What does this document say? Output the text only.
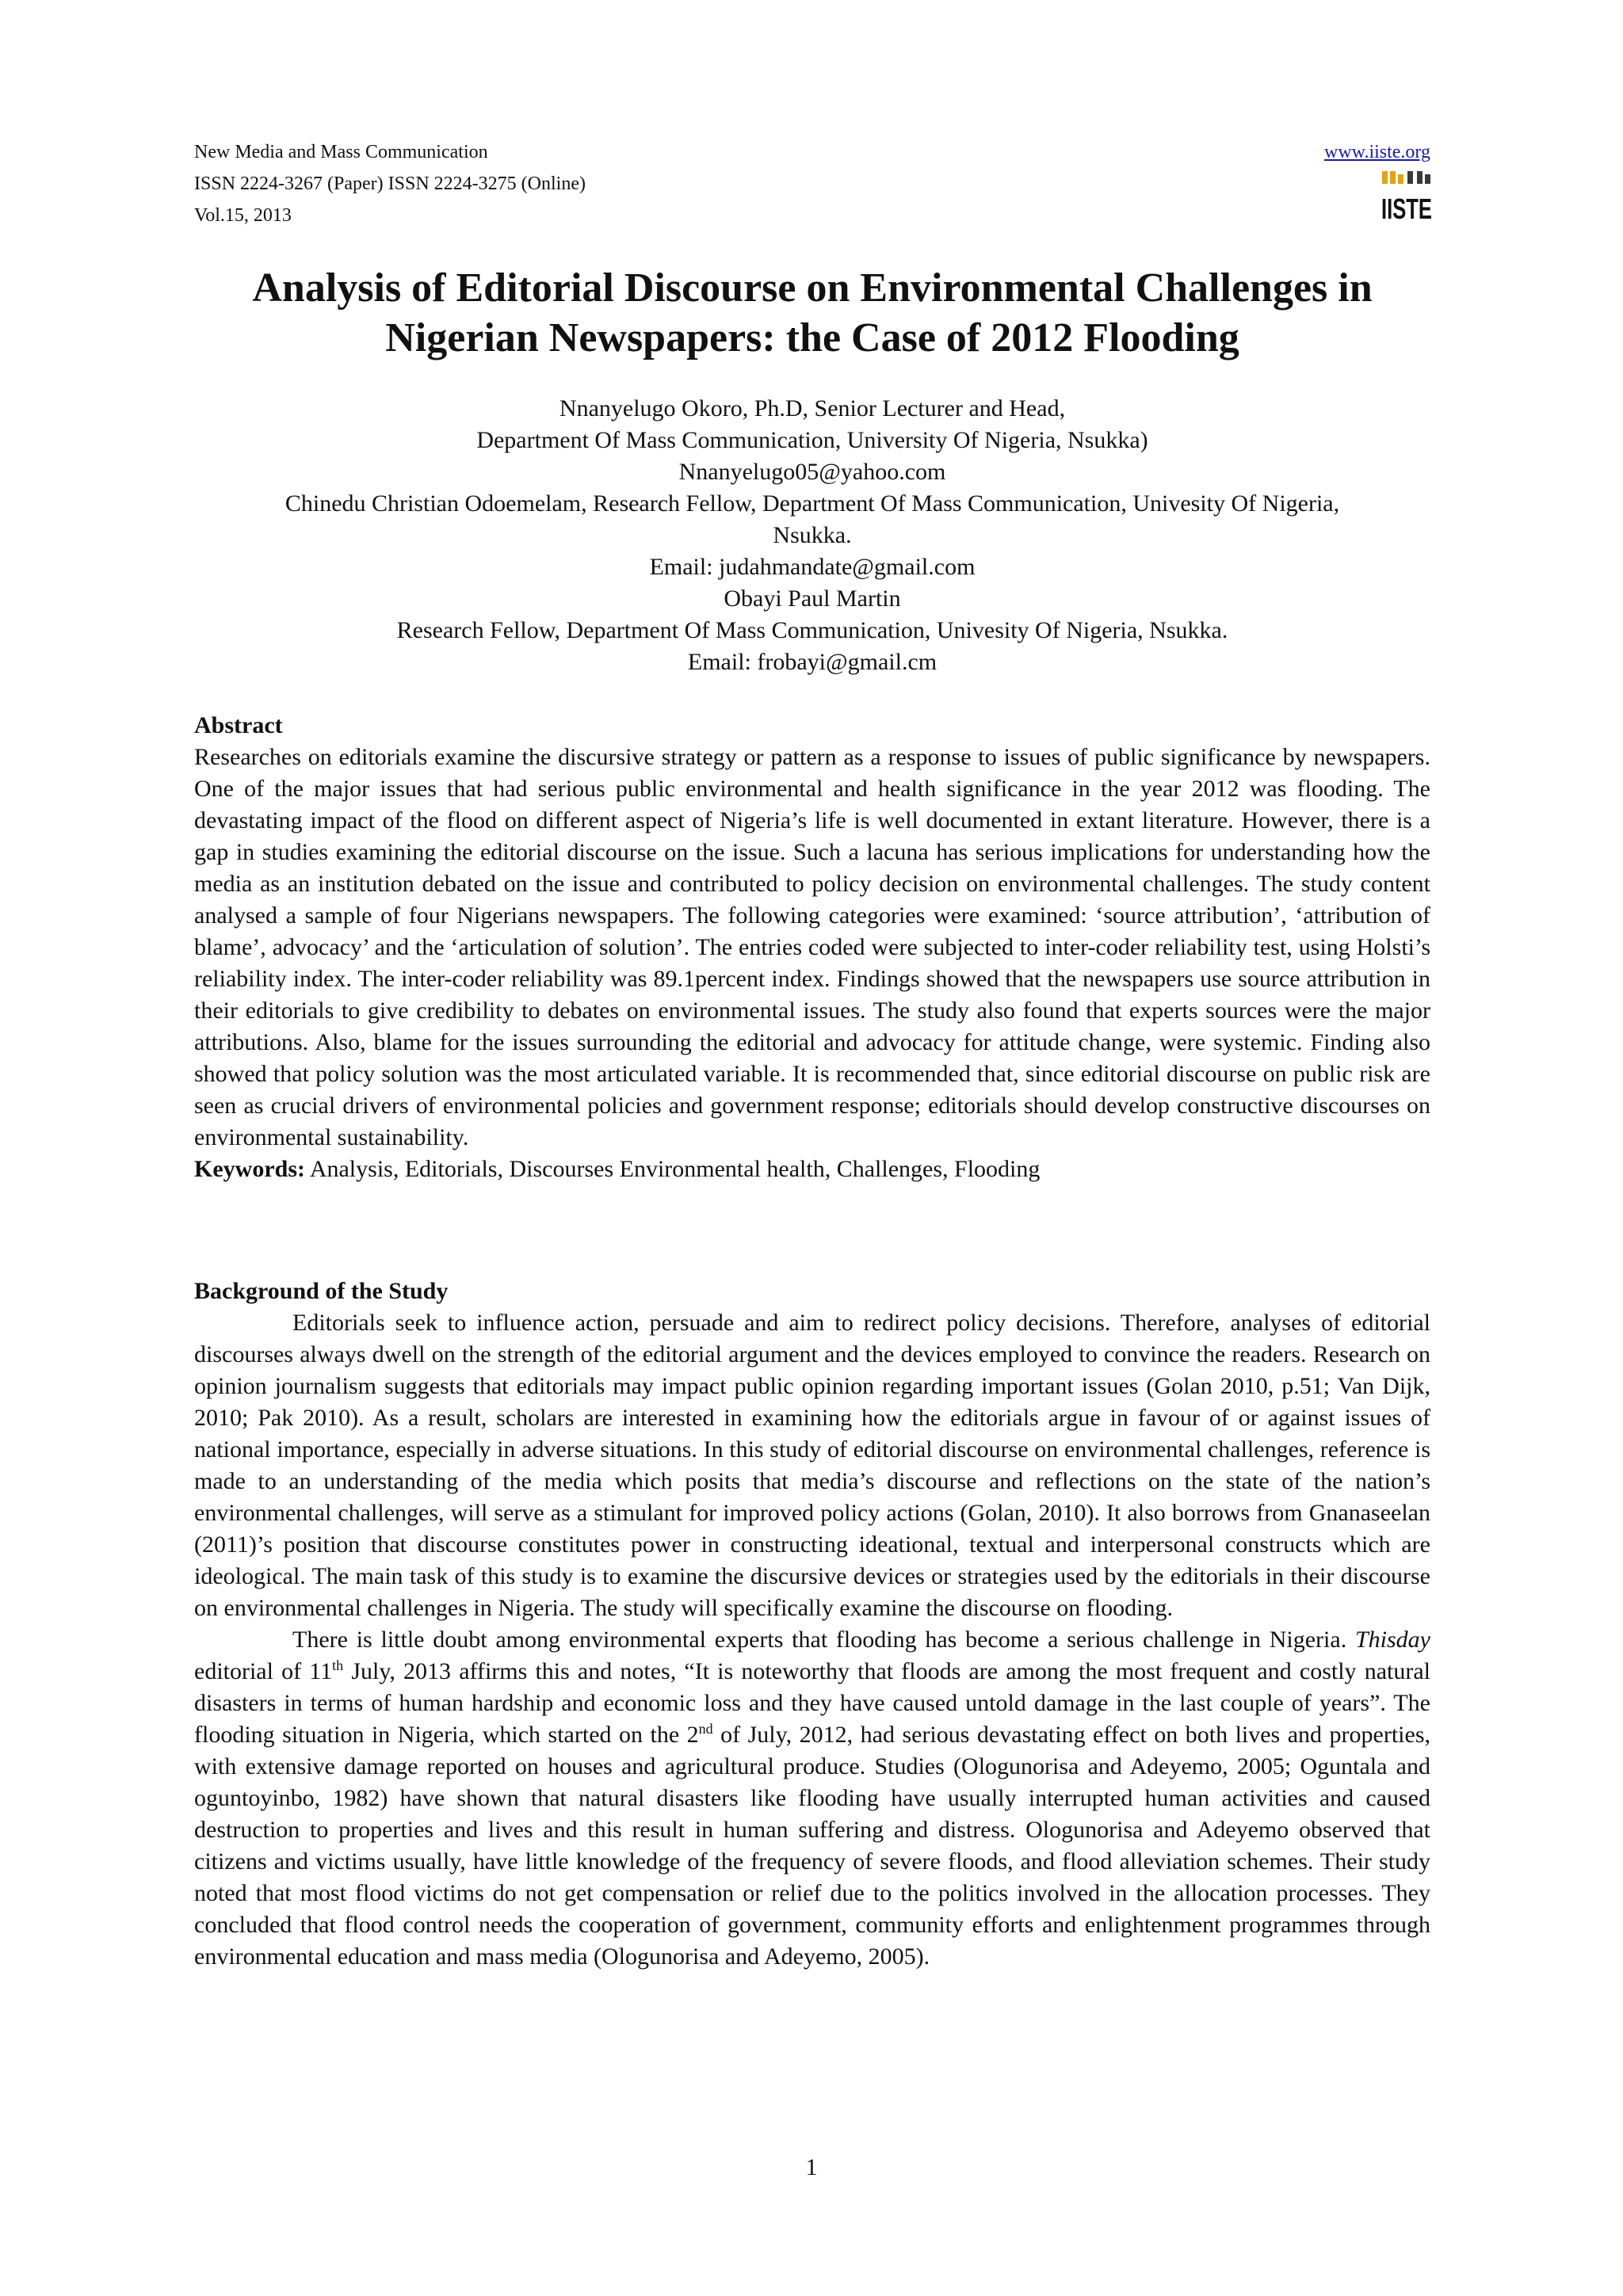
New Media and Mass Communication
ISSN 2224-3267 (Paper) ISSN 2224-3275 (Online)
Vol.15, 2013
www.iiste.org
IISTE
Analysis of Editorial Discourse on Environmental Challenges in
Nigerian Newspapers: the Case of 2012 Flooding
Nnanyelugo Okoro, Ph.D, Senior Lecturer and Head,
Department Of Mass Communication, University Of Nigeria, Nsukka)
Nnanyelugo05@yahoo.com
Chinedu Christian Odoemelam, Research Fellow, Department Of Mass Communication, Univesity Of Nigeria,
Nsukka.
Email: judahmandate@gmail.com
Obayi Paul Martin
Research Fellow, Department Of Mass Communication, Univesity Of Nigeria, Nsukka.
Email: frobayi@gmail.cm

Abstract

Researches on editorials examine the discursive strategy or pattern as a response to issues of public significance by newspapers. One of the major issues that had serious public environmental and health significance in the year 2012 was flooding. The devastating impact of the flood on different aspect of Nigeria’s life is well documented in extant literature. However, there is a gap in studies examining the editorial discourse on the issue. Such a lacuna has serious implications for understanding how the media as an institution debated on the issue and contributed to policy decision on environmental challenges. The study content analysed a sample of four Nigerians newspapers. The following categories were examined: ‘source attribution’, ‘attribution of blame’, advocacy’ and the ‘articulation of solution’. The entries coded were subjected to inter-coder reliability test, using Holsti’s reliability index. The inter-coder reliability was 89.1percent index. Findings showed that the newspapers use source attribution in their editorials to give credibility to debates on environmental issues. The study also found that experts sources were the major attributions. Also, blame for the issues surrounding the editorial and advocacy for attitude change, were systemic. Finding also showed that policy solution was the most articulated variable. It is recommended that, since editorial discourse on public risk are seen as crucial drivers of environmental policies and government response; editorials should develop constructive discourses on environmental sustainability.

Keywords: Analysis, Editorials, Discourses Environmental health, Challenges, Flooding

Background of the Study

Editorials seek to influence action, persuade and aim to redirect policy decisions. Therefore, analyses of editorial discourses always dwell on the strength of the editorial argument and the devices employed to convince the readers. Research on opinion journalism suggests that editorials may impact public opinion regarding important issues (Golan 2010, p.51; Van Dijk, 2010; Pak 2010). As a result, scholars are interested in examining how the editorials argue in favour of or against issues of national importance, especially in adverse situations. In this study of editorial discourse on environmental challenges, reference is made to an understanding of the media which posits that media’s discourse and reflections on the state of the nation’s environmental challenges, will serve as a stimulant for improved policy actions (Golan, 2010). It also borrows from Gnanaseelan (2011)’s position that discourse constitutes power in constructing ideational, textual and interpersonal constructs which are ideological. The main task of this study is to examine the discursive devices or strategies used by the editorials in their discourse on environmental challenges in Nigeria. The study will specifically examine the discourse on flooding.

There is little doubt among environmental experts that flooding has become a serious challenge in Nigeria. Thisday editorial of 11th July, 2013 affirms this and notes, “It is noteworthy that floods are among the most frequent and costly natural disasters in terms of human hardship and economic loss and they have caused untold damage in the last couple of years”. The flooding situation in Nigeria, which started on the 2nd of July, 2012, had serious devastating effect on both lives and properties, with extensive damage reported on houses and agricultural produce. Studies (Ologunorisa and Adeyemo, 2005; Oguntala and oguntoyinbo, 1982) have shown that natural disasters like flooding have usually interrupted human activities and caused destruction to properties and lives and this result in human suffering and distress. Ologunorisa and Adeyemo observed that citizens and victims usually, have little knowledge of the frequency of severe floods, and flood alleviation schemes. Their study noted that most flood victims do not get compensation or relief due to the politics involved in the allocation processes. They concluded that flood control needs the cooperation of government, community efforts and enlightenment programmes through environmental education and mass media (Ologunorisa and Adeyemo, 2005).

1
